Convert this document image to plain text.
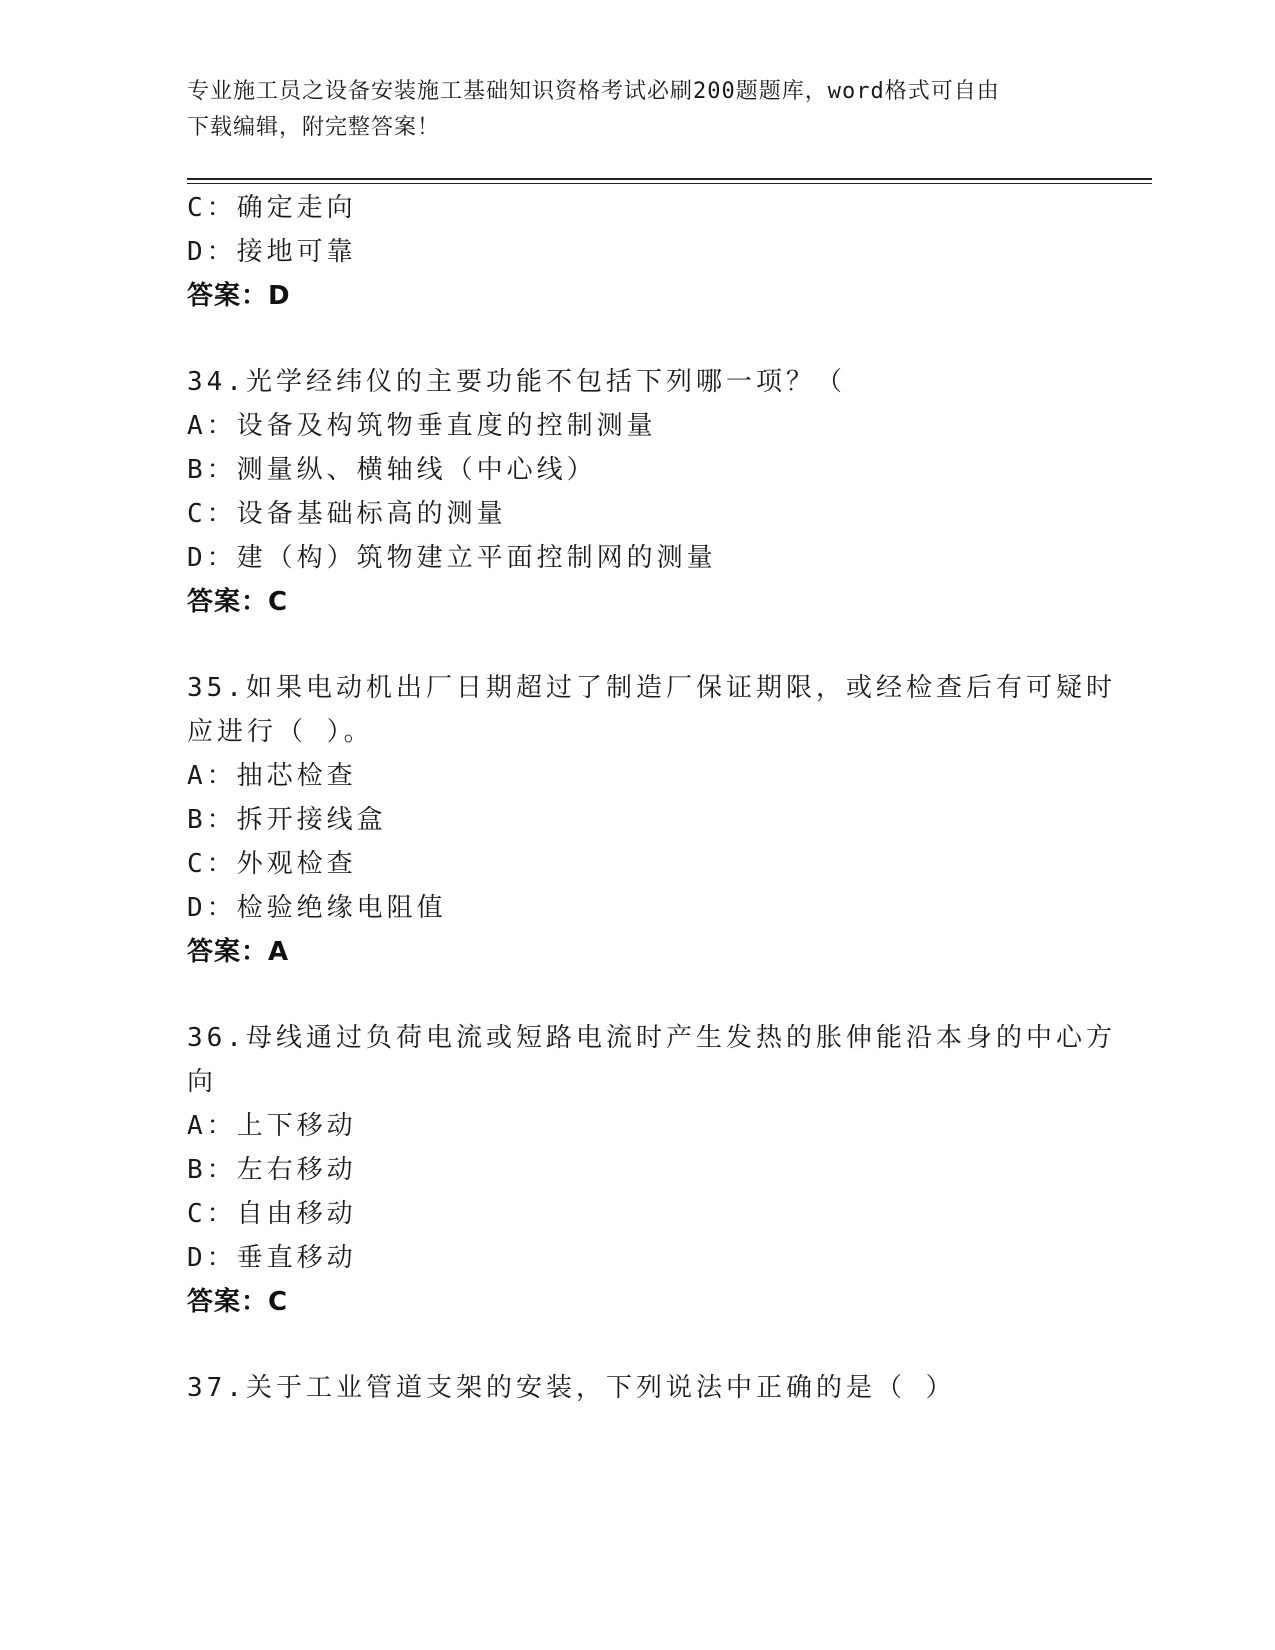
专业施工员之设备安装施工基础知识资格考试必刷200题题库，word格式可自由
下载编辑，附完整答案！
C：确定走向
D：接地可靠
答案：D
34.光学经纬仪的主要功能不包括下列哪一项？（
A：设备及构筑物垂直度的控制测量
B：测量纵、横轴线（中心线）
C：设备基础标高的测量
D：建（构）筑物建立平面控制网的测量
答案：C
35.如果电动机出厂日期超过了制造厂保证期限，或经检查后有可疑时
应进行（ ）。
A：抽芯检查
B：拆开接线盒
C：外观检查
D：检验绝缘电阻值
答案：A
36.母线通过负荷电流或短路电流时产生发热的胀伸能沿本身的中心方
向
A：上下移动
B：左右移动
C：自由移动
D：垂直移动
答案：C
37.关于工业管道支架的安装，下列说法中正确的是（ ）
